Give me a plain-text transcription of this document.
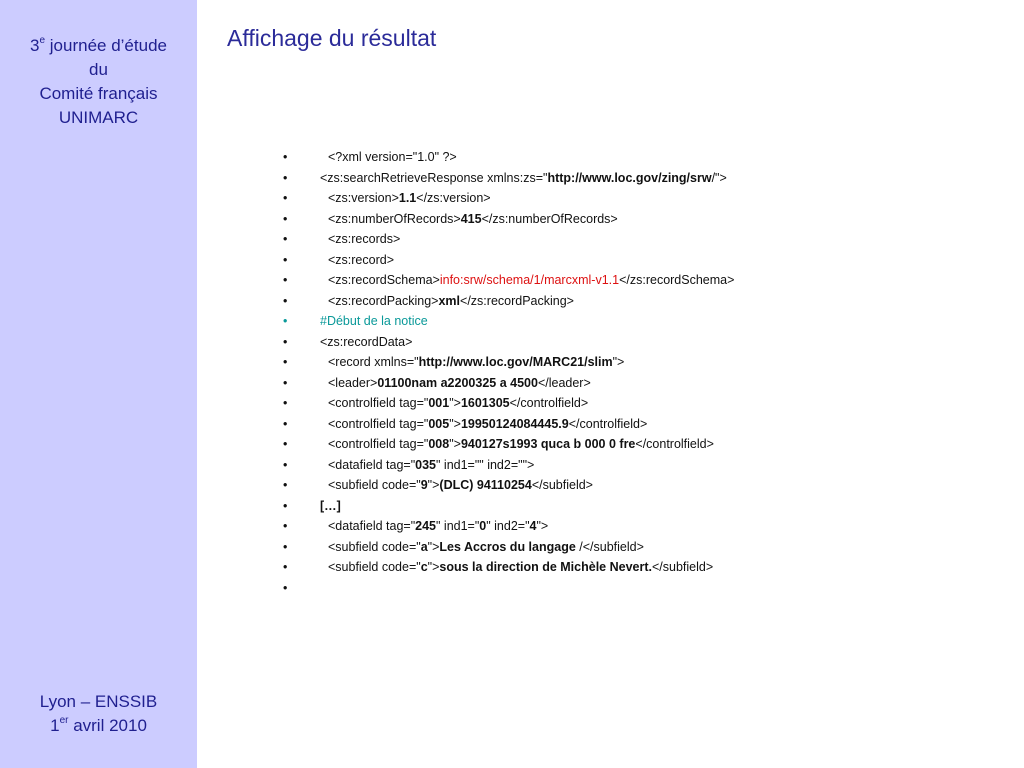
3e journée d’étude
du
Comité français
UNIMARC
Lyon – ENSSIB
1er avril 2010
Affichage du résultat
•	<?xml version="1.0" ?>
•	<zs:searchRetrieveResponse xmlns:zs="http://www.loc.gov/zing/srw/">
•	<zs:version>1.1</zs:version>
•	<zs:numberOfRecords>415</zs:numberOfRecords>
•	<zs:records>
•	<zs:record>
•	<zs:recordSchema>info:srw/schema/1/marcxml-v1.1</zs:recordSchema>
•	<zs:recordPacking>xml</zs:recordPacking>
•	#Début de la notice
•	<zs:recordData>
•	<record xmlns="http://www.loc.gov/MARC21/slim">
•	<leader>01100nam a2200325 a 4500</leader>
•	<controlfield tag="001">1601305</controlfield>
•	<controlfield tag="005">19950124084445.9</controlfield>
•	<controlfield tag="008">940127s1993 quca b 000 0 fre</controlfield>
•	<datafield tag="035" ind1="" ind2="">
•	<subfield code="9">(DLC) 94110254</subfield>
•	[…]
•	<datafield tag="245" ind1="0" ind2="4">
•	<subfield code="a">Les Accros du langage /</subfield>
•	<subfield code="c">sous la direction de Michèle Nevert.</subfield>
•
